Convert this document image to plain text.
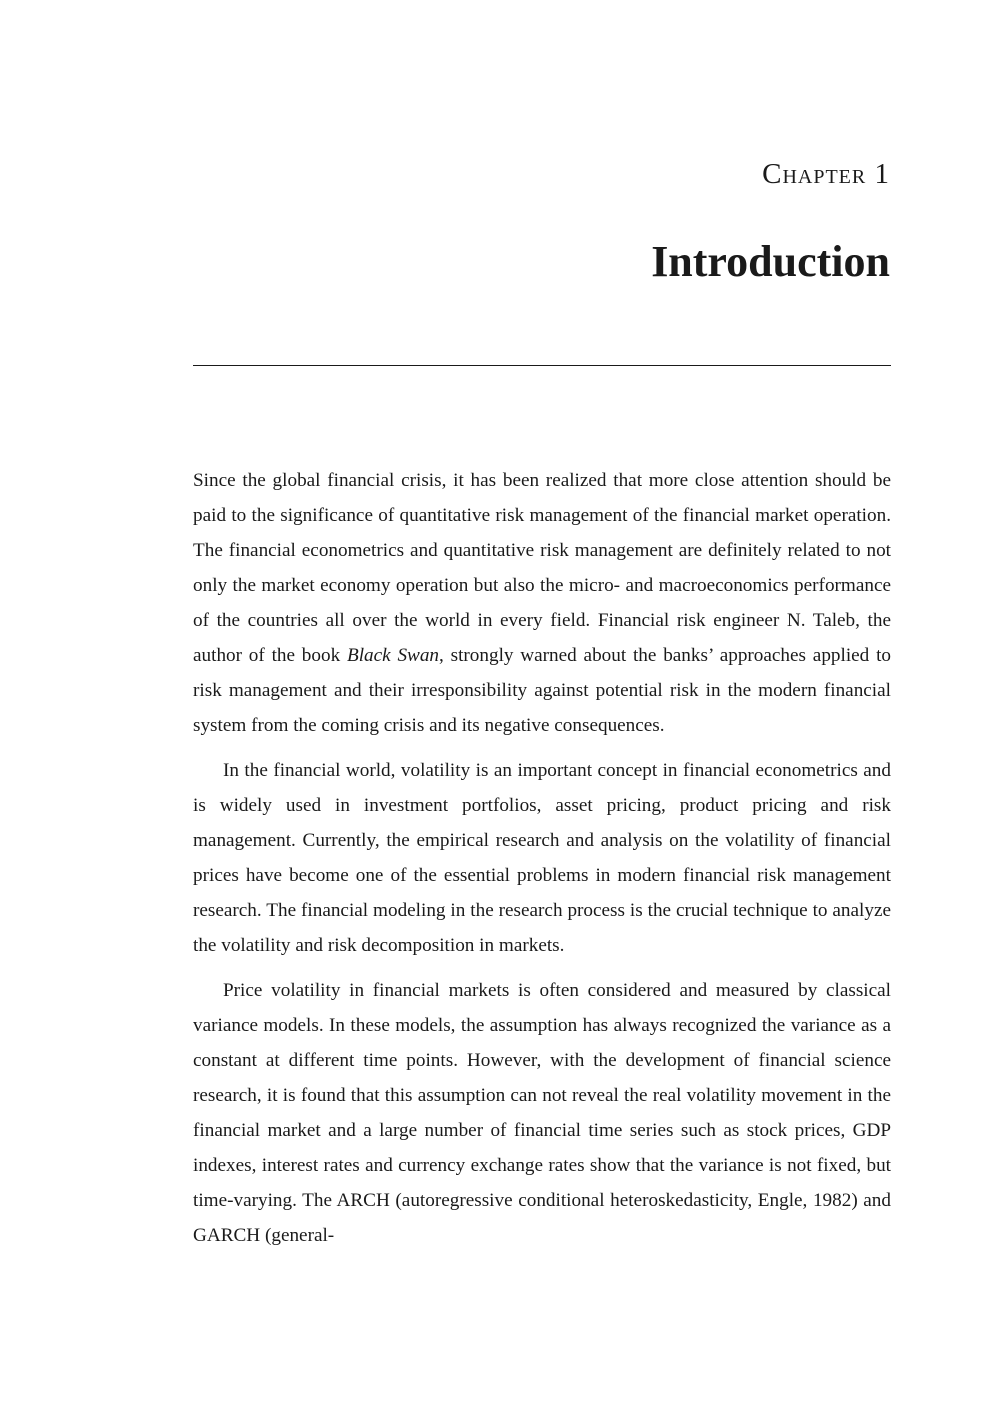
Chapter 1
Introduction

Since the global financial crisis, it has been realized that more close attention should be paid to the significance of quantitative risk management of the financial market operation. The financial econometrics and quantitative risk management are definitely related to not only the market economy operation but also the micro- and macroeconomics performance of the countries all over the world in every field. Financial risk engineer N. Taleb, the author of the book Black Swan, strongly warned about the banks’ approaches applied to risk management and their irresponsibility against potential risk in the modern financial system from the coming crisis and its negative consequences.

In the financial world, volatility is an important concept in financial econometrics and is widely used in investment portfolios, asset pricing, product pricing and risk management. Currently, the empirical research and analysis on the volatility of financial prices have become one of the essential problems in modern financial risk management research. The financial modeling in the research process is the crucial technique to analyze the volatility and risk decomposition in markets.

Price volatility in financial markets is often considered and measured by classical variance models. In these models, the assumption has always recognized the variance as a constant at different time points. However, with the development of financial science research, it is found that this assumption can not reveal the real volatility movement in the financial market and a large number of financial time series such as stock prices, GDP indexes, interest rates and currency exchange rates show that the variance is not fixed, but time-varying. The ARCH (autoregressive conditional heteroskedasticity, Engle, 1982) and GARCH (general-
